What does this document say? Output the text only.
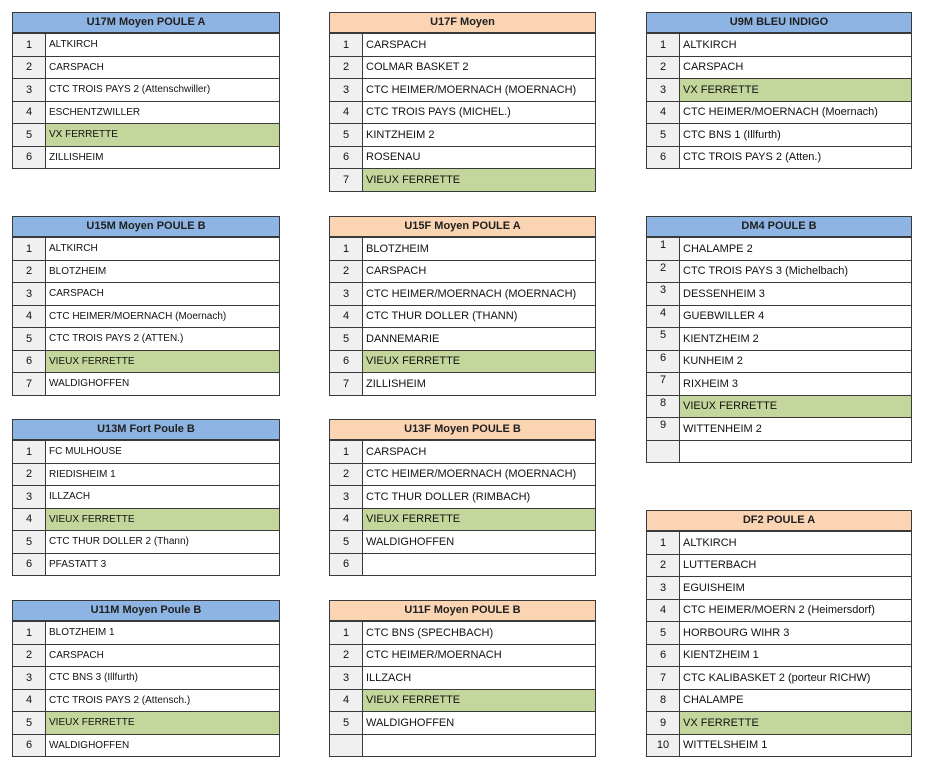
U17M Moyen POULE A
1	ALTKIRCH
2	CARSPACH
3	CTC TROIS PAYS 2 (Attenschwiller)
4	ESCHENTZWILLER
5	VX FERRETTE
6	ZILLISHEIM
U15M Moyen POULE B
1	ALTKIRCH
2	BLOTZHEIM
3	CARSPACH
4	CTC HEIMER/MOERNACH (Moernach)
5	CTC TROIS PAYS 2 (ATTEN.)
6	VIEUX FERRETTE
7	WALDIGHOFFEN
U13M Fort Poule B
1	FC MULHOUSE
2	RIEDISHEIM 1
3	ILLZACH
4	VIEUX FERRETTE
5	CTC THUR DOLLER 2 (Thann)
6	PFASTATT 3
U11M Moyen Poule B
1	BLOTZHEIM 1
2	CARSPACH
3	CTC BNS 3 (Illfurth)
4	CTC TROIS PAYS 2 (Attensch.)
5	VIEUX FERRETTE
6	WALDIGHOFFEN
U17F Moyen
1	CARSPACH
2	COLMAR BASKET 2
3	CTC HEIMER/MOERNACH (MOERNACH)
4	CTC TROIS PAYS (MICHEL.)
5	KINTZHEIM 2
6	ROSENAU
7	VIEUX FERRETTE
U15F Moyen POULE A
1	BLOTZHEIM
2	CARSPACH
3	CTC HEIMER/MOERNACH (MOERNACH)
4	CTC THUR DOLLER (THANN)
5	DANNEMARIE
6	VIEUX FERRETTE
7	ZILLISHEIM
U13F Moyen POULE B
1	CARSPACH
2	CTC HEIMER/MOERNACH (MOERNACH)
3	CTC THUR DOLLER (RIMBACH)
4	VIEUX FERRETTE
5	WALDIGHOFFEN
6	
U11F Moyen POULE B
1	CTC BNS (SPECHBACH)
2	CTC HEIMER/MOERNACH
3	ILLZACH
4	VIEUX FERRETTE
5	WALDIGHOFFEN

U9M BLEU INDIGO
1	ALTKIRCH
2	CARSPACH
3	VX FERRETTE
4	CTC HEIMER/MOERNACH (Moernach)
5	CTC BNS 1 (Illfurth)
6	CTC TROIS PAYS 2 (Atten.)
DM4 POULE B
1	CHALAMPE 2
2	CTC TROIS PAYS 3 (Michelbach)
3	DESSENHEIM 3
4	GUEBWILLER 4
5	KIENTZHEIM 2
6	KUNHEIM 2
7	RIXHEIM 3
8	VIEUX FERRETTE
9	WITTENHEIM 2

DF2 POULE A
1	ALTKIRCH
2	LUTTERBACH
3	EGUISHEIM
4	CTC HEIMER/MOERN 2 (Heimersdorf)
5	HORBOURG WIHR 3
6	KIENTZHEIM 1
7	CTC KALIBASKET 2 (porteur RICHW)
8	CHALAMPE
9	VX FERRETTE
10	WITTELSHEIM 1
